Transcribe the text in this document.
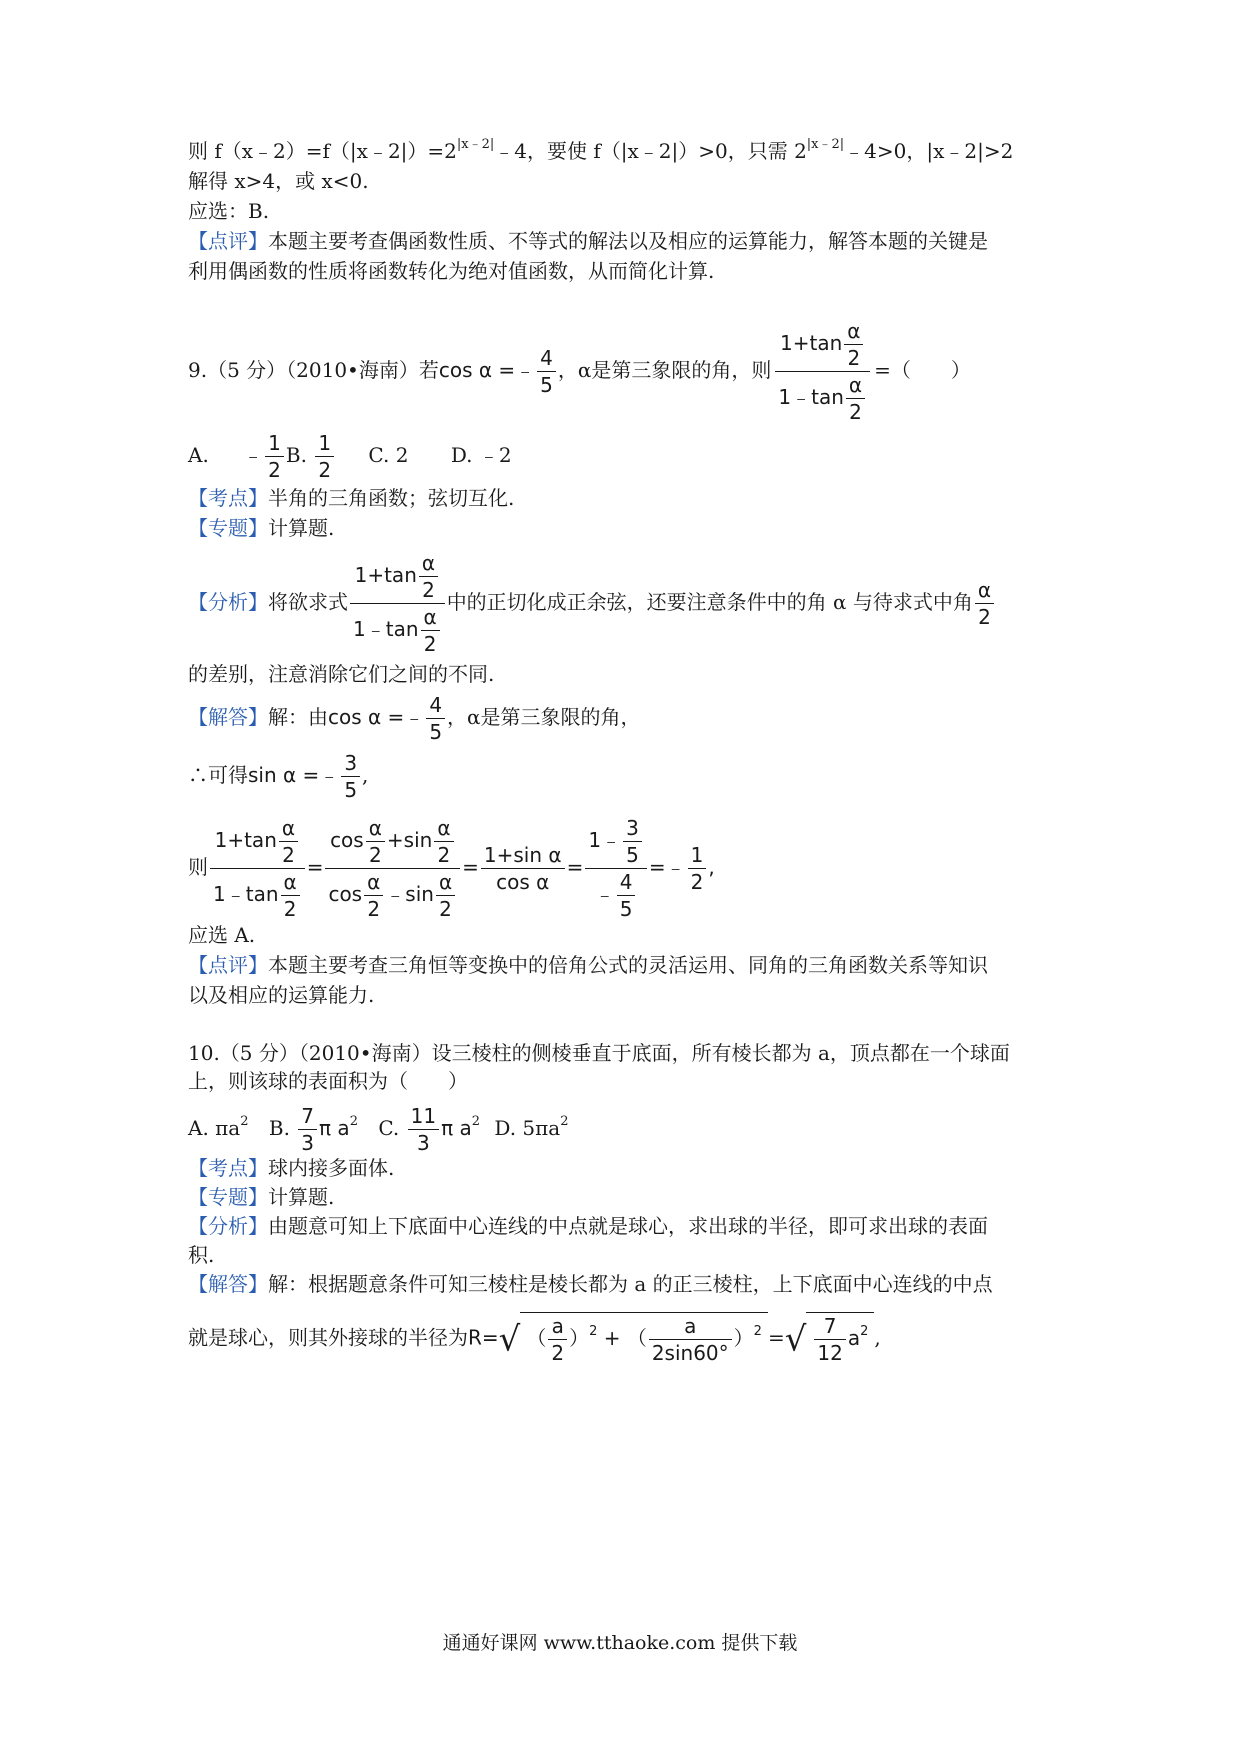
则 $f(x﹣2)=f(|x﹣2|)=2^{|x﹣2|}﹣4$，要使 f（|x﹣2|）>0，只需 $2^{|x﹣2|}﹣4>0$，|x﹣2|>2
解得 x>4，或 x<0.
应选：B.
【点评】本题主要考查偶函数性质、不等式的解法以及相应的运算能力，解答本题的关键是
利用偶函数的性质将函数转化为绝对值函数，从而简化计算.
9.（5 分）（2010•海南）若cos α =﹣ $\frac{4}{5}$ ，α是第三象限的角，则 $\frac{1+\tan \frac{\alpha}{2}}{1﹣\tan \frac{\alpha}{2}}$ =（　　）
A. ﹣ $\frac{1}{2} B$. $\frac{1}{2} C$. 2 D. ﹣2
【考点】半角的三角函数；弦切互化.
【专题】计算题.
【分析】将欲求式 $\frac{1+\tan \frac{\alpha}{2}}{1﹣\tan \frac{\alpha}{2}}$ 中的正切化成正余弦，还要注意条件中的角 α 与待求式中角 $\frac{\alpha}{2}$
的差别，注意消除它们之间的不同.
【解答】解：由cos α =﹣ $\frac{4}{5}$ ，α是第三象限的角，
∴可得sin α =﹣ $\frac{3}{5}$ ,
则 $\frac{1+\tan \frac{\alpha}{2}}{1﹣\tan \frac{\alpha}{2}} = \frac{\cos \frac{\alpha}{2} +\sin \frac{\alpha}{2}}{\cos \frac{\alpha}{2} ﹣\sin \frac{\alpha}{2}} = \frac{\text{1+sin α}}{\text{cos α}} = \frac{1﹣ \frac{3}{5}}{﹣ \frac{4}{5}}$ =﹣ $\frac{1}{2}$ ,
应选 A.
【点评】本题主要考查三角恒等变换中的倍角公式的灵活运用、同角的三角函数关系等知识
以及相应的运算能力.
10.（5 分）（2010•海南）设三棱柱的侧棱垂直于底面，所有棱长都为 a，顶点都在一个球面
上，则该球的表面积为（　　）
A. $\pi a^2$ B. $\frac{7}{3}$ π $a^2$ C. $\frac{11}{3}$ π $a^2$ D. $5\pi a^2$
【考点】球内接多面体.
【专题】计算题.
【分析】由题意可知上下底面中心连线的中点就是球心，求出球的半径，即可求出球的表面
积.
【解答】解：根据题意条件可知三棱柱是棱长都为 a 的正三棱柱，上下底面中心连线的中点
就是球心，则其外接球的半径为R=√ （ $\frac{a}{2} )^2$ + （ $\frac{a}{2\sin 60^\circ} )^2$ =√ $\frac{7}{12} a^2$ ,
通通好课网 www.tthaoke.com 提供下载
